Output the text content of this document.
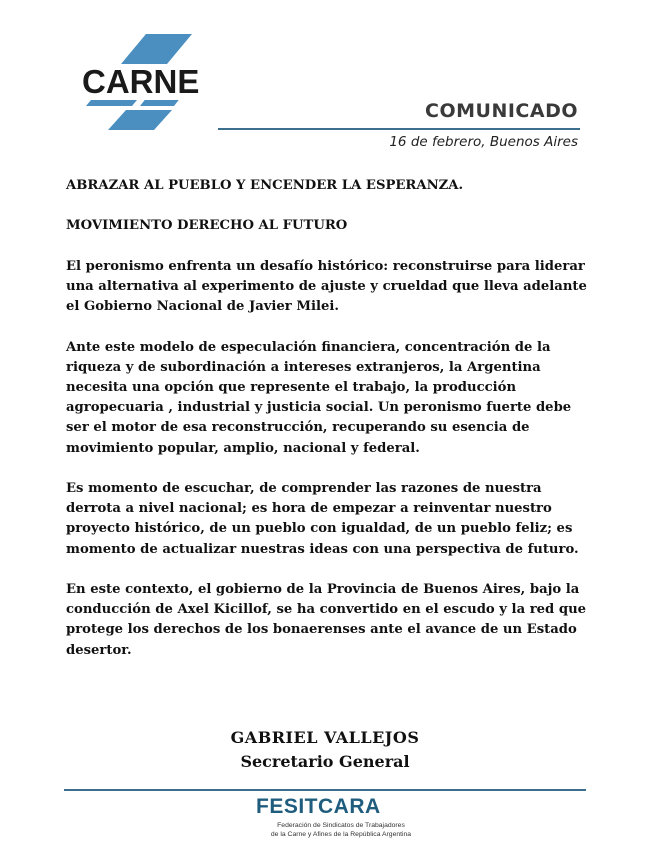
CARNE
COMUNICADO
16 de febrero, Buenos Aires

ABRAZAR AL PUEBLO Y ENCENDER LA ESPERANZA.

MOVIMIENTO DERECHO AL FUTURO

El peronismo enfrenta un desafío histórico: reconstruirse para liderar una alternativa al experimento de ajuste y crueldad que lleva adelante el Gobierno Nacional de Javier Milei.

Ante este modelo de especulación financiera, concentración de la riqueza y de subordinación a intereses extranjeros, la Argentina necesita una opción que represente el trabajo, la producción agropecuaria , industrial y justicia social. Un peronismo fuerte debe ser el motor de esa reconstrucción, recuperando su esencia de movimiento popular, amplio, nacional y federal.

Es momento de escuchar, de comprender las razones de nuestra derrota a nivel nacional; es hora de empezar a reinventar nuestro proyecto histórico, de un pueblo con igualdad, de un pueblo feliz; es momento de actualizar nuestras ideas con una perspectiva de futuro.

En este contexto, el gobierno de la Provincia de Buenos Aires, bajo la conducción de Axel Kicillof, se ha convertido en el escudo y la red que protege los derechos de los bonaerenses ante el avance de un Estado desertor.

GABRIEL VALLEJOS
Secretario General
FESITCARA
Federación de Sindicatos de Trabajadores
de la Carne y Afines de la República Argentina
